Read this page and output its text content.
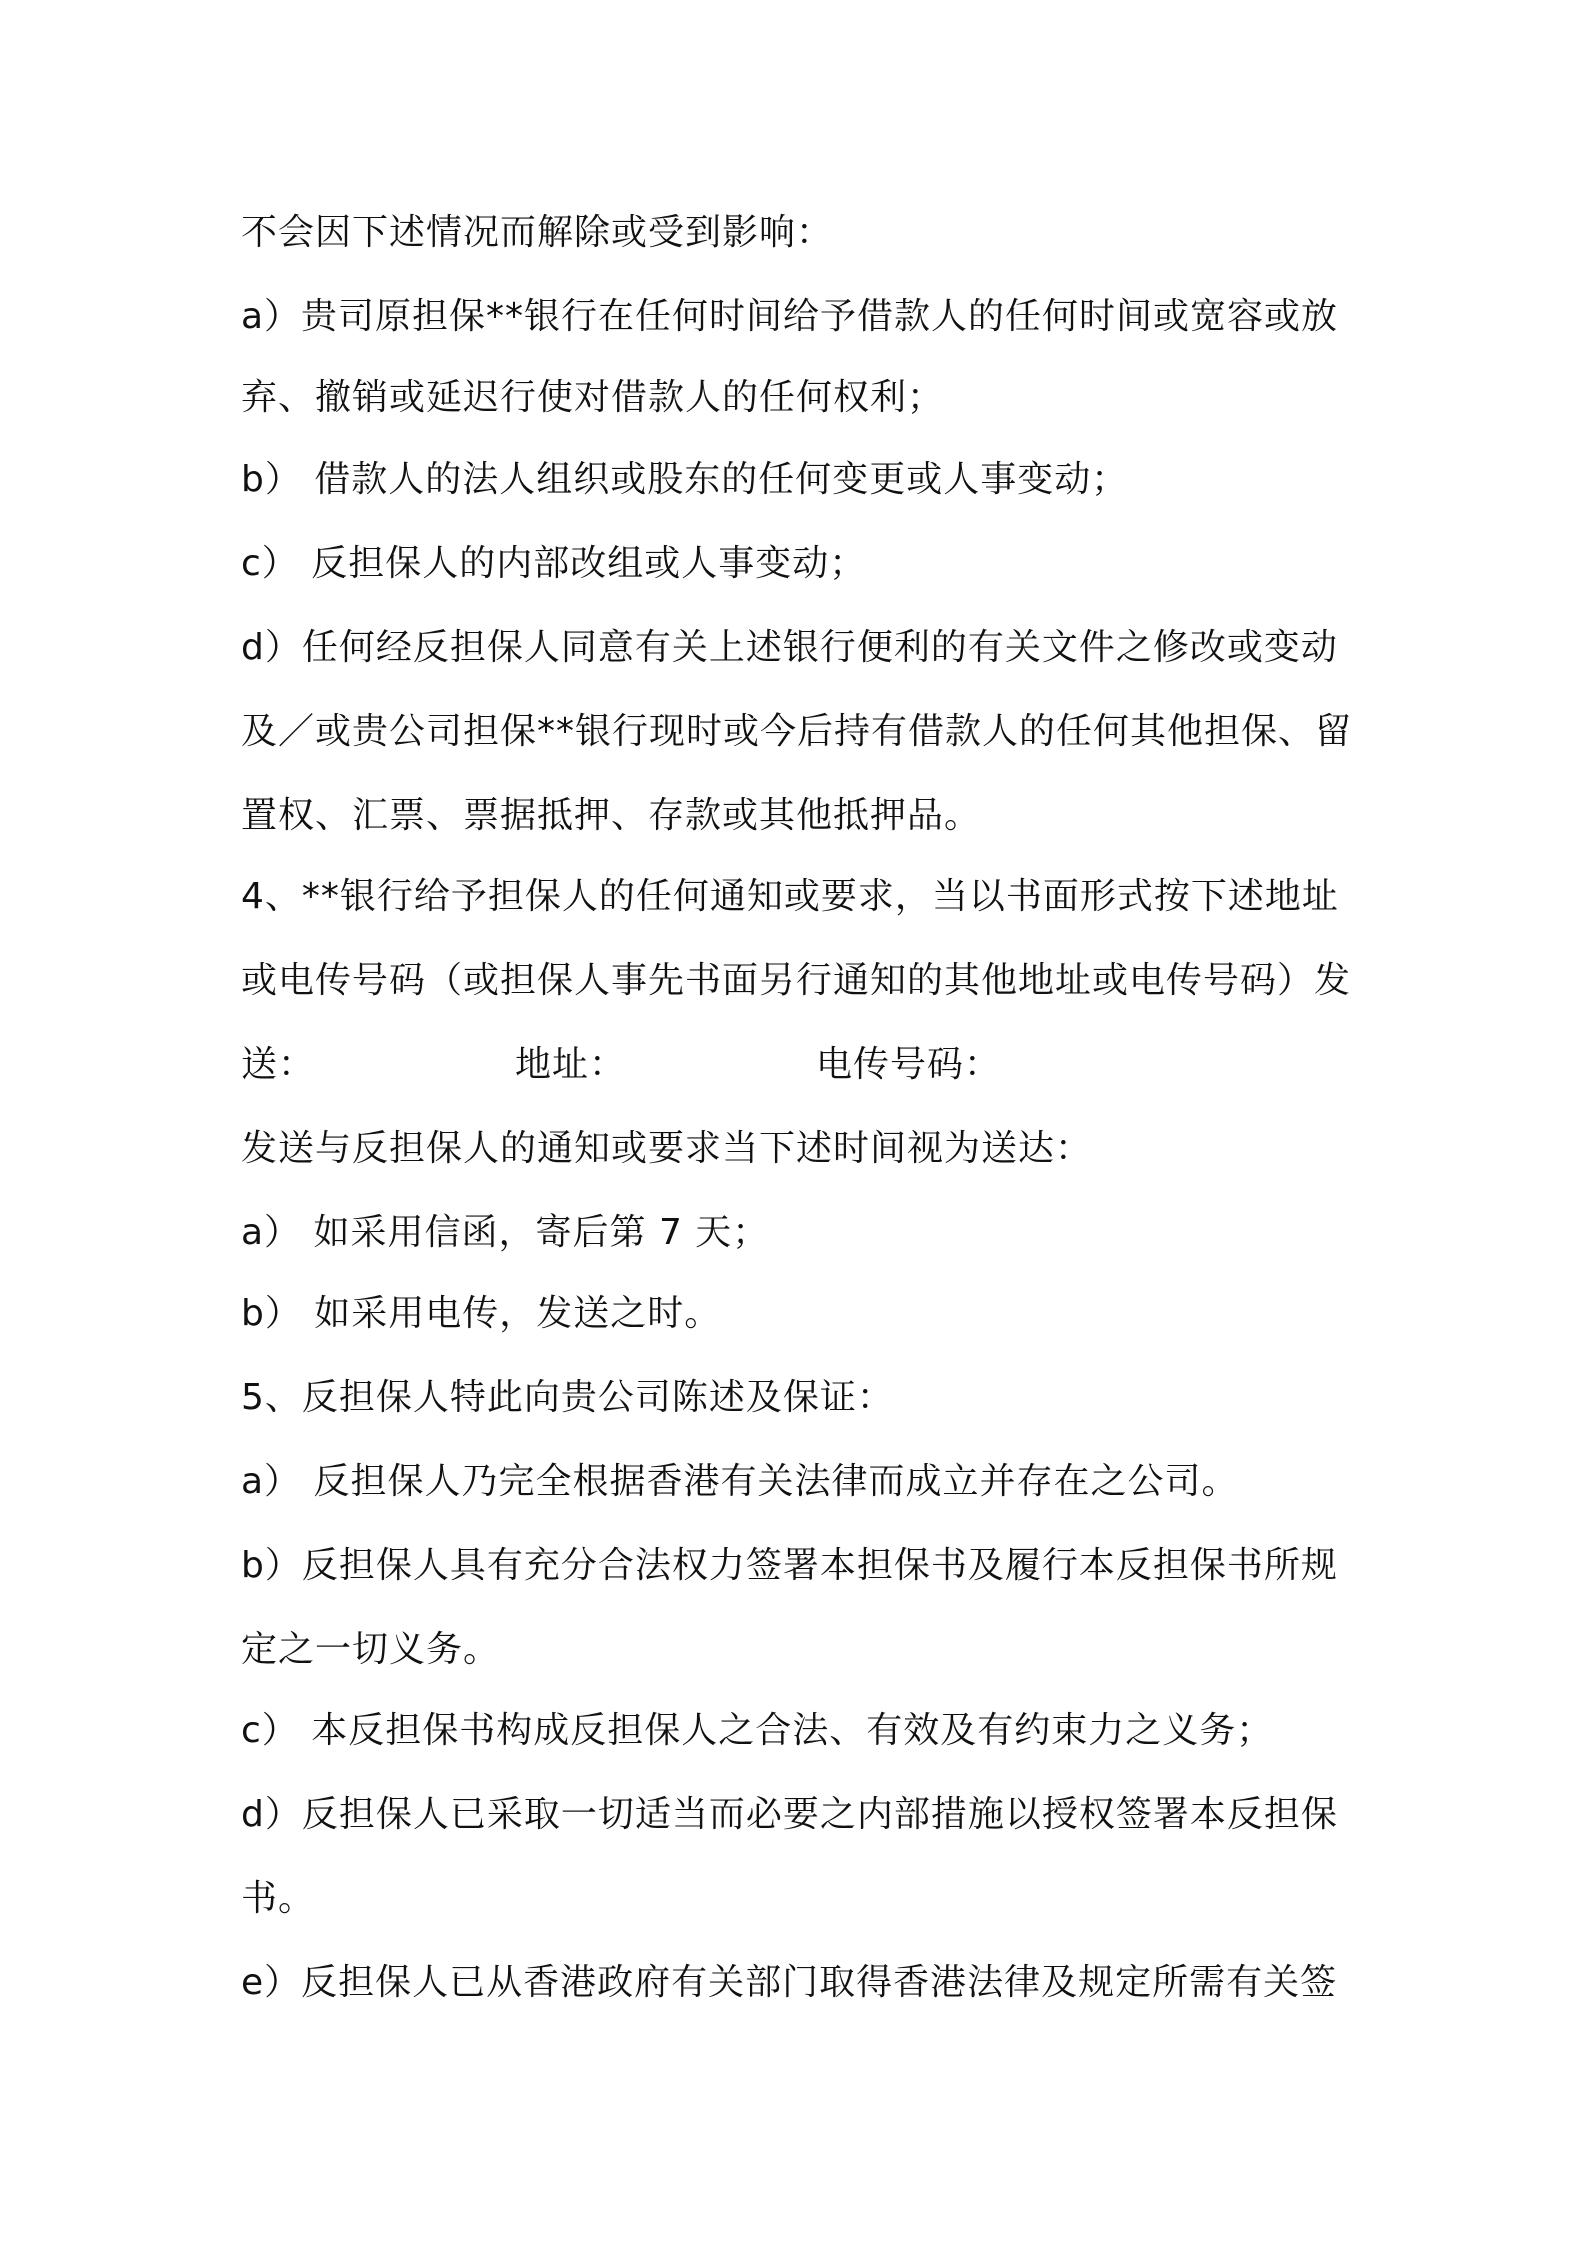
不会因下述情况而解除或受到影响：
a）贵司原担保**银行在任何时间给予借款人的任何时间或宽容或放
弃、撤销或延迟行使对借款人的任何权利；
b） 借款人的法人组织或股东的任何变更或人事变动；
c） 反担保人的内部改组或人事变动；
d）任何经反担保人同意有关上述银行便利的有关文件之修改或变动
及／或贵公司担保**银行现时或今后持有借款人的任何其他担保、留
置权、汇票、票据抵押、存款或其他抵押品。
4、**银行给予担保人的任何通知或要求，当以书面形式按下述地址
或电传号码（或担保人事先书面另行通知的其他地址或电传号码）发
送：	地址：	电传号码：
发送与反担保人的通知或要求当下述时间视为送达：
a） 如采用信函，寄后第 7 天；
b） 如采用电传，发送之时。
5、反担保人特此向贵公司陈述及保证：
a） 反担保人乃完全根据香港有关法律而成立并存在之公司。
b）反担保人具有充分合法权力签署本担保书及履行本反担保书所规
定之一切义务。
c） 本反担保书构成反担保人之合法、有效及有约束力之义务；
d）反担保人已采取一切适当而必要之内部措施以授权签署本反担保
书。
e）反担保人已从香港政府有关部门取得香港法律及规定所需有关签
